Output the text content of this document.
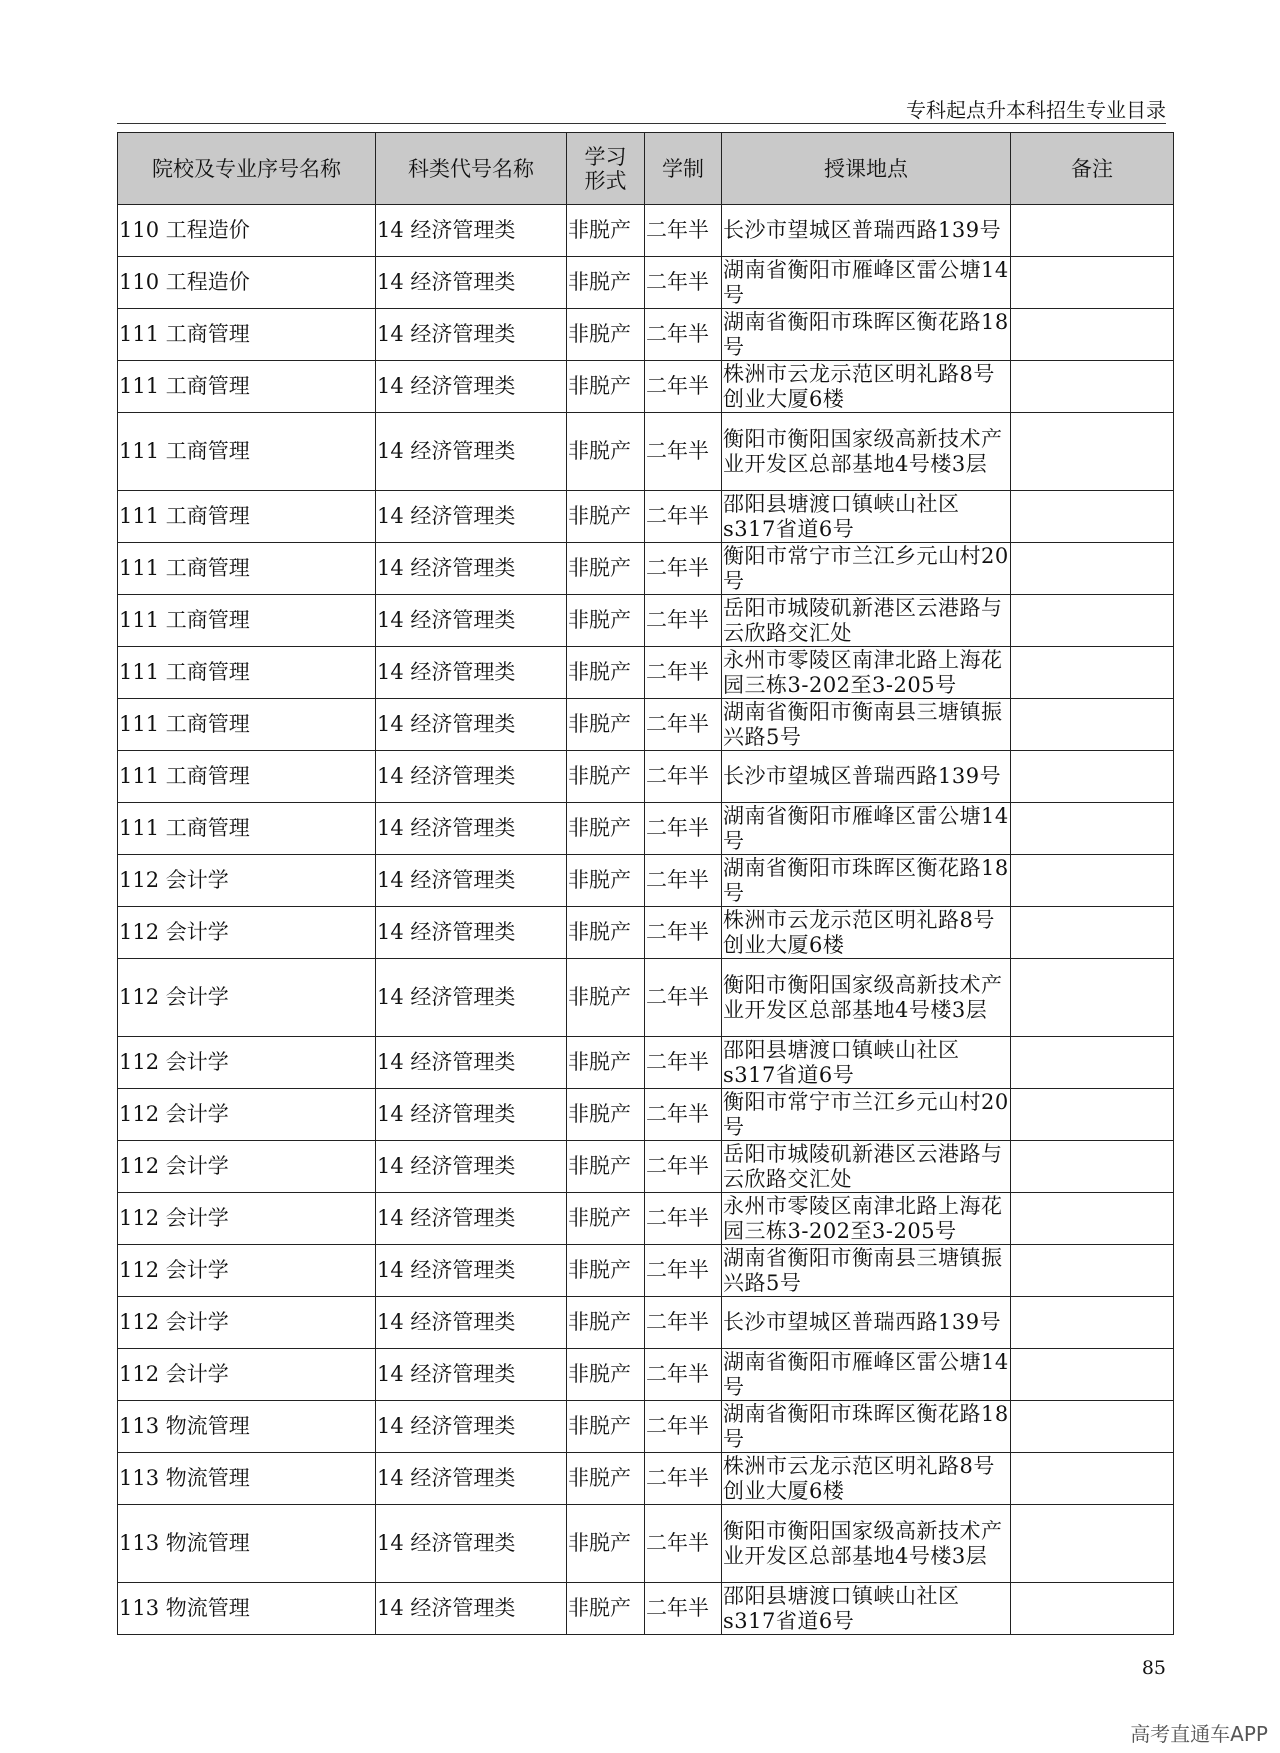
专科起点升本科招生专业目录
院校及专业序号名称	科类代号名称	学习形式	学制	授课地点	备注
110 工程造价	14 经济管理类	非脱产	二年半	长沙市望城区普瑞西路139号	
110 工程造价	14 经济管理类	非脱产	二年半	湖南省衡阳市雁峰区雷公塘14号	
111 工商管理	14 经济管理类	非脱产	二年半	湖南省衡阳市珠晖区衡花路18号	
111 工商管理	14 经济管理类	非脱产	二年半	株洲市云龙示范区明礼路8号创业大厦6楼	
111 工商管理	14 经济管理类	非脱产	二年半	衡阳市衡阳国家级高新技术产业开发区总部基地4号楼3层	
111 工商管理	14 经济管理类	非脱产	二年半	邵阳县塘渡口镇峡山社区s317省道6号	
111 工商管理	14 经济管理类	非脱产	二年半	衡阳市常宁市兰江乡元山村20号	
111 工商管理	14 经济管理类	非脱产	二年半	岳阳市城陵矶新港区云港路与云欣路交汇处	
111 工商管理	14 经济管理类	非脱产	二年半	永州市零陵区南津北路上海花园三栋3-202至3-205号	
111 工商管理	14 经济管理类	非脱产	二年半	湖南省衡阳市衡南县三塘镇振兴路5号	
111 工商管理	14 经济管理类	非脱产	二年半	长沙市望城区普瑞西路139号	
111 工商管理	14 经济管理类	非脱产	二年半	湖南省衡阳市雁峰区雷公塘14号	
112 会计学	14 经济管理类	非脱产	二年半	湖南省衡阳市珠晖区衡花路18号	
112 会计学	14 经济管理类	非脱产	二年半	株洲市云龙示范区明礼路8号创业大厦6楼	
112 会计学	14 经济管理类	非脱产	二年半	衡阳市衡阳国家级高新技术产业开发区总部基地4号楼3层	
112 会计学	14 经济管理类	非脱产	二年半	邵阳县塘渡口镇峡山社区s317省道6号	
112 会计学	14 经济管理类	非脱产	二年半	衡阳市常宁市兰江乡元山村20号	
112 会计学	14 经济管理类	非脱产	二年半	岳阳市城陵矶新港区云港路与云欣路交汇处	
112 会计学	14 经济管理类	非脱产	二年半	永州市零陵区南津北路上海花园三栋3-202至3-205号	
112 会计学	14 经济管理类	非脱产	二年半	湖南省衡阳市衡南县三塘镇振兴路5号	
112 会计学	14 经济管理类	非脱产	二年半	长沙市望城区普瑞西路139号	
112 会计学	14 经济管理类	非脱产	二年半	湖南省衡阳市雁峰区雷公塘14号	
113 物流管理	14 经济管理类	非脱产	二年半	湖南省衡阳市珠晖区衡花路18号	
113 物流管理	14 经济管理类	非脱产	二年半	株洲市云龙示范区明礼路8号创业大厦6楼	
113 物流管理	14 经济管理类	非脱产	二年半	衡阳市衡阳国家级高新技术产业开发区总部基地4号楼3层	
113 物流管理	14 经济管理类	非脱产	二年半	邵阳县塘渡口镇峡山社区s317省道6号	
85
高考直通车APP
